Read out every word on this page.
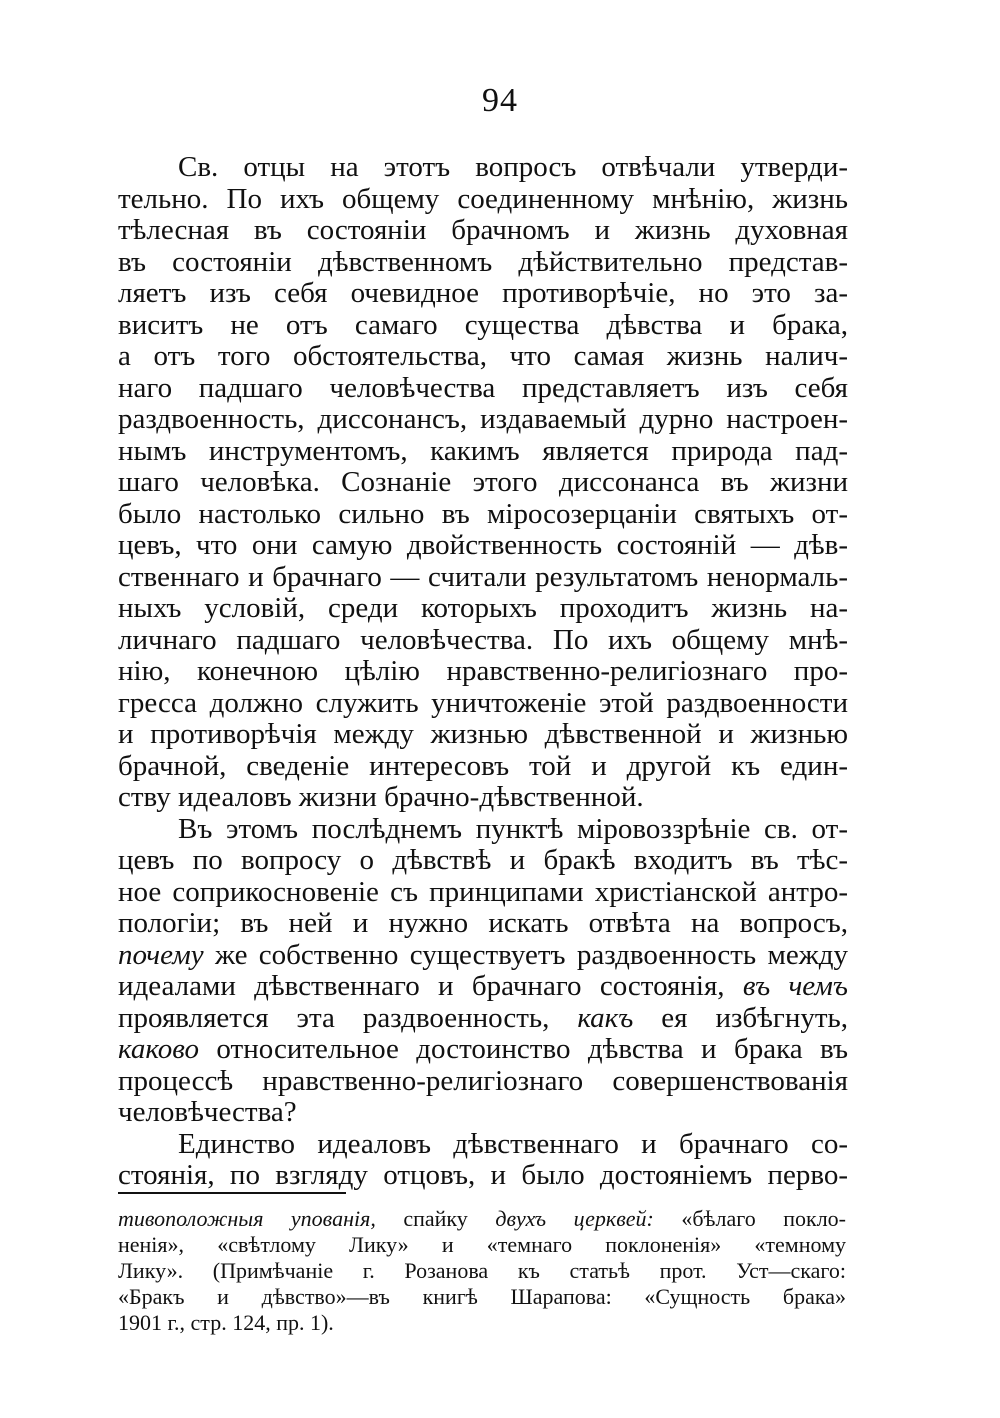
94
Св. отцы на этотъ вопросъ отвѣчали утверди-
тельно. По ихъ общему соединенному мнѣнію, жизнь
тѣлесная въ состояніи брачномъ и жизнь духовная
въ состояніи дѣвственномъ дѣйствительно представ-
ляетъ изъ себя очевидное противорѣчіе, но это за-
виситъ не отъ самаго существа дѣвства и брака,
а отъ того обстоятельства, что самая жизнь налич-
наго падшаго человѣчества представляетъ изъ себя
раздвоенность, диссонансъ, издаваемый дурно настроен-
нымъ инструментомъ, какимъ является природа пад-
шаго человѣка. Сознаніе этого диссонанса въ жизни
было настолько сильно въ міросозерцаніи святыхъ от-
цевъ, что они самую двойственность состояній — дѣв-
ственнаго и брачнаго — считали результатомъ ненормаль-
ныхъ условій, среди которыхъ проходитъ жизнь на-
личнаго падшаго человѣчества. По ихъ общему мнѣ-
нію, конечною цѣлію нравственно-религіознаго про-
гресса должно служить уничтоженіе этой раздвоенности
и противорѣчія между жизнью дѣвственной и жизнью
брачной, сведеніе интересовъ той и другой къ един-
ству идеаловъ жизни брачно-дѣвственной.
Въ этомъ послѣднемъ пунктѣ міровоззрѣніе св. от-
цевъ по вопросу о дѣвствѣ и бракѣ входитъ въ тѣс-
ное соприкосновеніе съ принципами христіанской антро-
пологіи; въ ней и нужно искать отвѣта на вопросъ,
почему же собственно существуетъ раздвоенность между
идеалами дѣвственнаго и брачнаго состоянія, въ чемъ
проявляется эта раздвоенность, какъ ея избѣгнуть,
каково относительное достоинство дѣвства и брака въ
процессѣ нравственно-религіознаго совершенствованія
человѣчества?
Единство идеаловъ дѣвственнаго и брачнаго со-
стоянія, по взгляду отцовъ, и было достояніемъ перво-
тивоположныя упованія, спайку двухъ церквей: «бѣлаго покло-
ненія», «свѣтлому Лику» и «темнаго поклоненія» «темному
Лику». (Примѣчаніе г. Розанова къ статьѣ прот. Уст—скаго:
«Бракъ и дѣвство»—въ книгѣ Шарапова: «Сущность брака»
1901 г., стр. 124, пр. 1).
